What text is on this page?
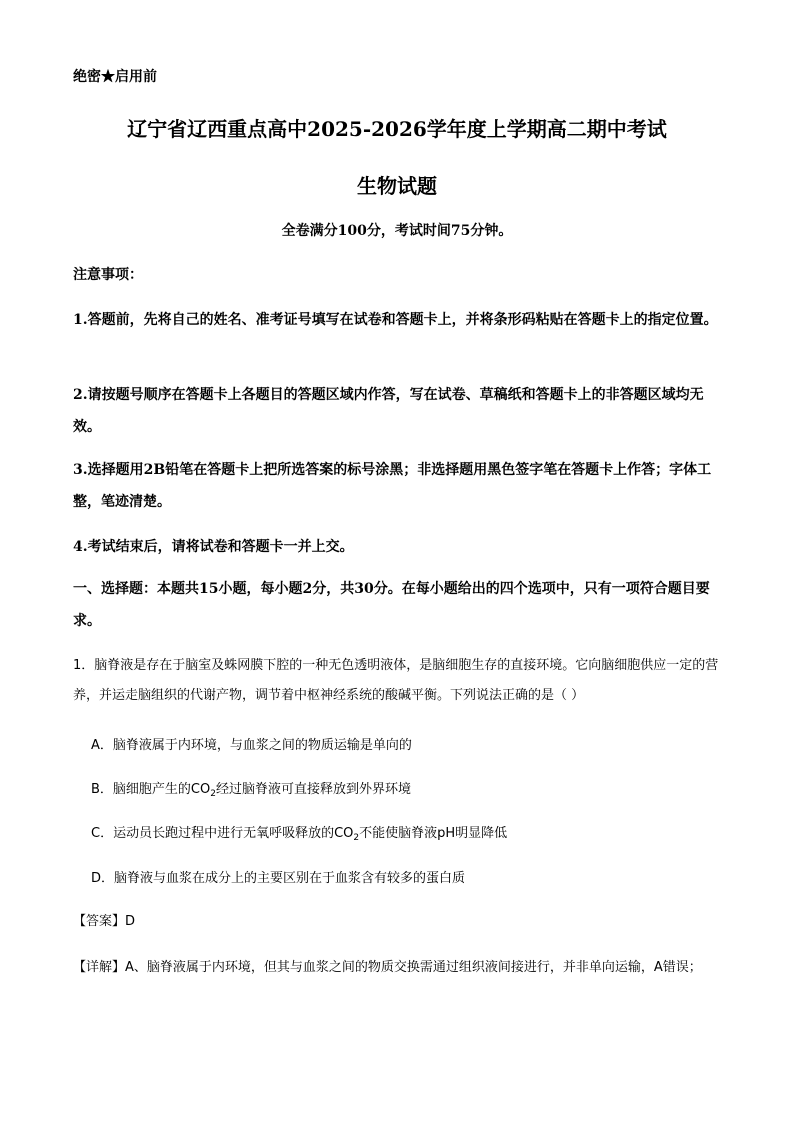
绝密★启用前
辽宁省辽西重点高中2025-2026学年度上学期高二期中考试
生物试题
全卷满分100分，考试时间75分钟。
注意事项：
1.答题前，先将自己的姓名、准考证号填写在试卷和答题卡上，并将条形码粘贴在答题卡上的指定位置。
2.请按题号顺序在答题卡上各题目的答题区域内作答，写在试卷、草稿纸和答题卡上的非答题区域均无效。
3.选择题用2B铅笔在答题卡上把所选答案的标号涂黑；非选择题用黑色签字笔在答题卡上作答；字体工整，笔迹清楚。
4.考试结束后，请将试卷和答题卡一并上交。
一、选择题：本题共15小题，每小题2分，共30分。在每小题给出的四个选项中，只有一项符合题目要求。
1．脑脊液是存在于脑室及蛛网膜下腔的一种无色透明液体，是脑细胞生存的直接环境。它向脑细胞供应一定的营养，并运走脑组织的代谢产物，调节着中枢神经系统的酸碱平衡。下列说法正确的是（ ）
A．脑脊液属于内环境，与血浆之间的物质运输是单向的
B．脑细胞产生的$CO_2$经过脑脊液可直接释放到外界环境
C．运动员长跑过程中进行无氧呼吸释放的$CO_2$不能使脑脊液pH明显降低
D．脑脊液与血浆在成分上的主要区别在于血浆含有较多的蛋白质
【答案】D
【详解】A、脑脊液属于内环境，但其与血浆之间的物质交换需通过组织液间接进行，并非单向运输，A错误；
